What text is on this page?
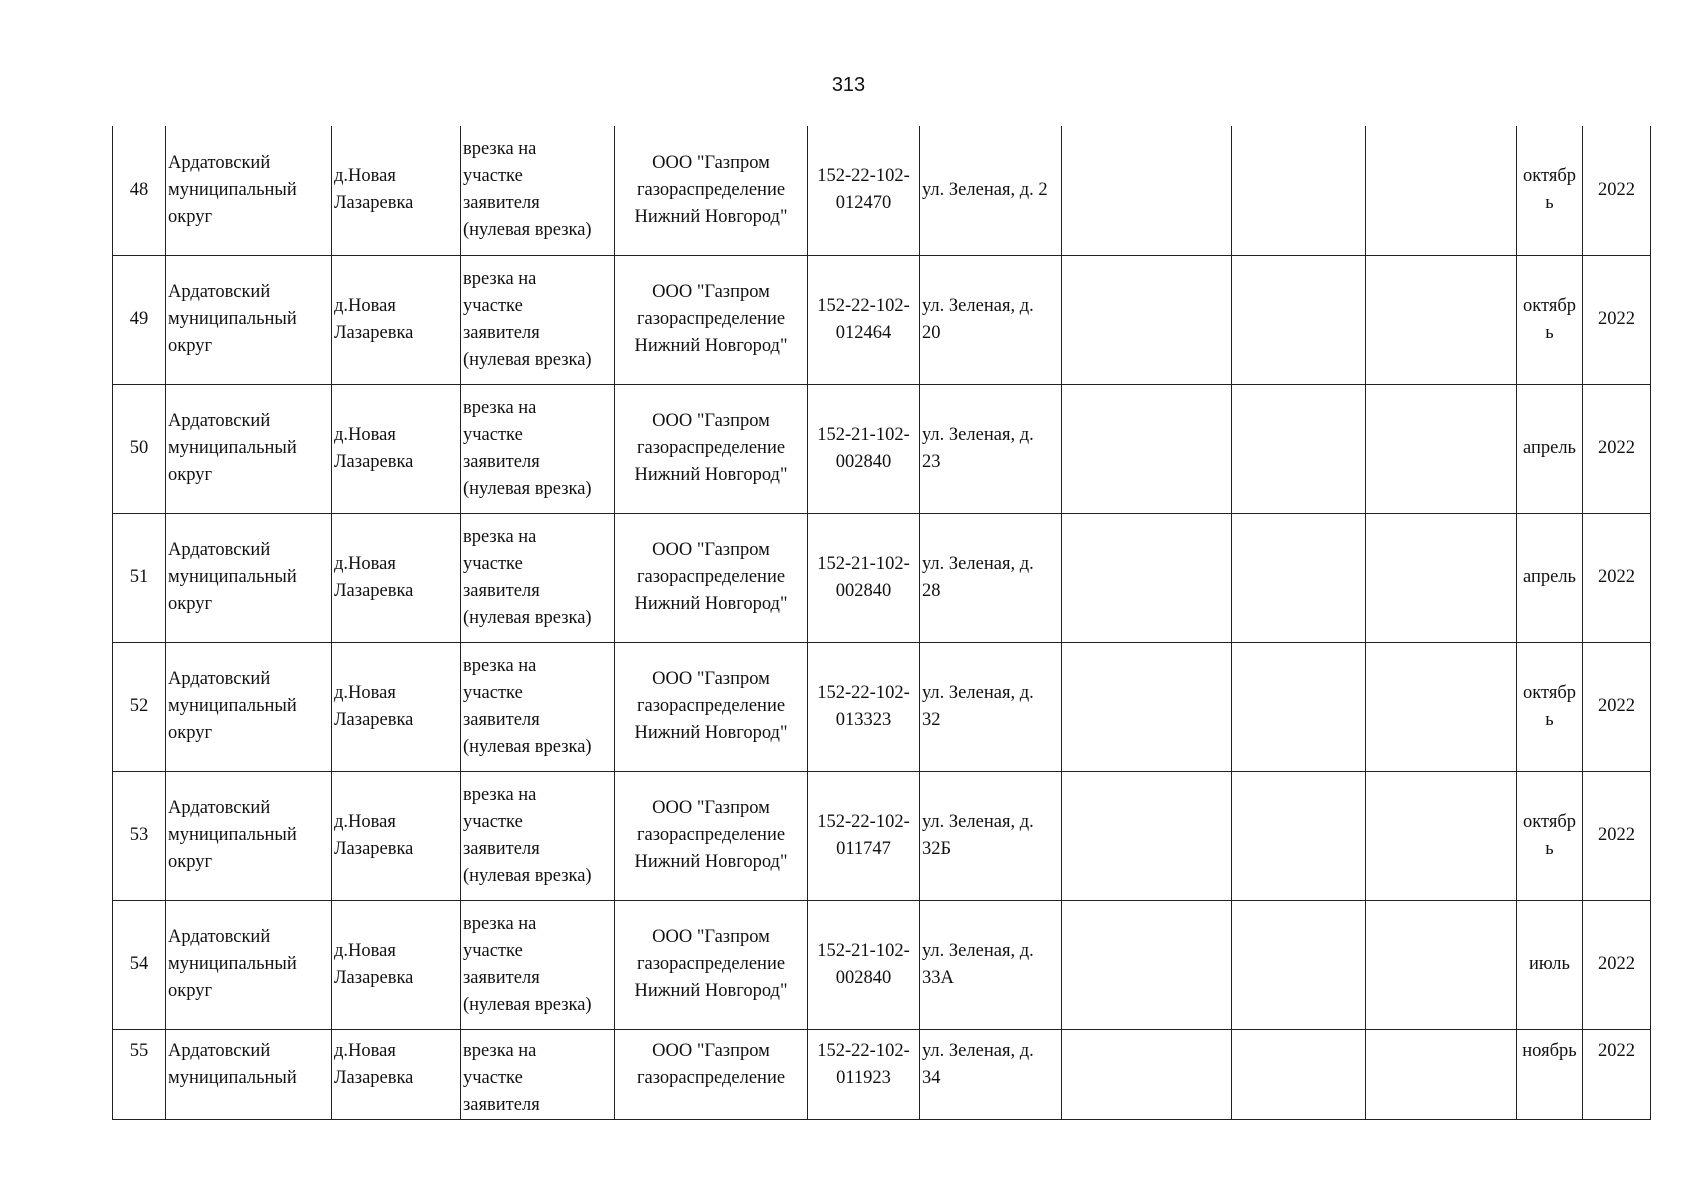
313
48	Ардатовский
муниципальный
округ	д.Новая
Лазаревка	врезка на
участке
заявителя
(нулевая врезка)	ООО "Газпром
газораспределение
Нижний Новгород"	152-22-102-
012470	ул. Зеленая, д. 2				октябр
ь	2022
49	Ардатовский
муниципальный
округ	д.Новая
Лазаревка	врезка на
участке
заявителя
(нулевая врезка)	ООО "Газпром
газораспределение
Нижний Новгород"	152-22-102-
012464	ул. Зеленая, д.
20				октябр
ь	2022
50	Ардатовский
муниципальный
округ	д.Новая
Лазаревка	врезка на
участке
заявителя
(нулевая врезка)	ООО "Газпром
газораспределение
Нижний Новгород"	152-21-102-
002840	ул. Зеленая, д.
23				апрель	2022
51	Ардатовский
муниципальный
округ	д.Новая
Лазаревка	врезка на
участке
заявителя
(нулевая врезка)	ООО "Газпром
газораспределение
Нижний Новгород"	152-21-102-
002840	ул. Зеленая, д.
28				апрель	2022
52	Ардатовский
муниципальный
округ	д.Новая
Лазаревка	врезка на
участке
заявителя
(нулевая врезка)	ООО "Газпром
газораспределение
Нижний Новгород"	152-22-102-
013323	ул. Зеленая, д.
32				октябр
ь	2022
53	Ардатовский
муниципальный
округ	д.Новая
Лазаревка	врезка на
участке
заявителя
(нулевая врезка)	ООО "Газпром
газораспределение
Нижний Новгород"	152-22-102-
011747	ул. Зеленая, д.
32Б				октябр
ь	2022
54	Ардатовский
муниципальный
округ	д.Новая
Лазаревка	врезка на
участке
заявителя
(нулевая врезка)	ООО "Газпром
газораспределение
Нижний Новгород"	152-21-102-
002840	ул. Зеленая, д.
33А				июль	2022
55	Ардатовский
муниципальный	д.Новая
Лазаревка	врезка на
участке
заявителя	ООО "Газпром
газораспределение	152-22-102-
011923	ул. Зеленая, д.
34				ноябрь	2022
